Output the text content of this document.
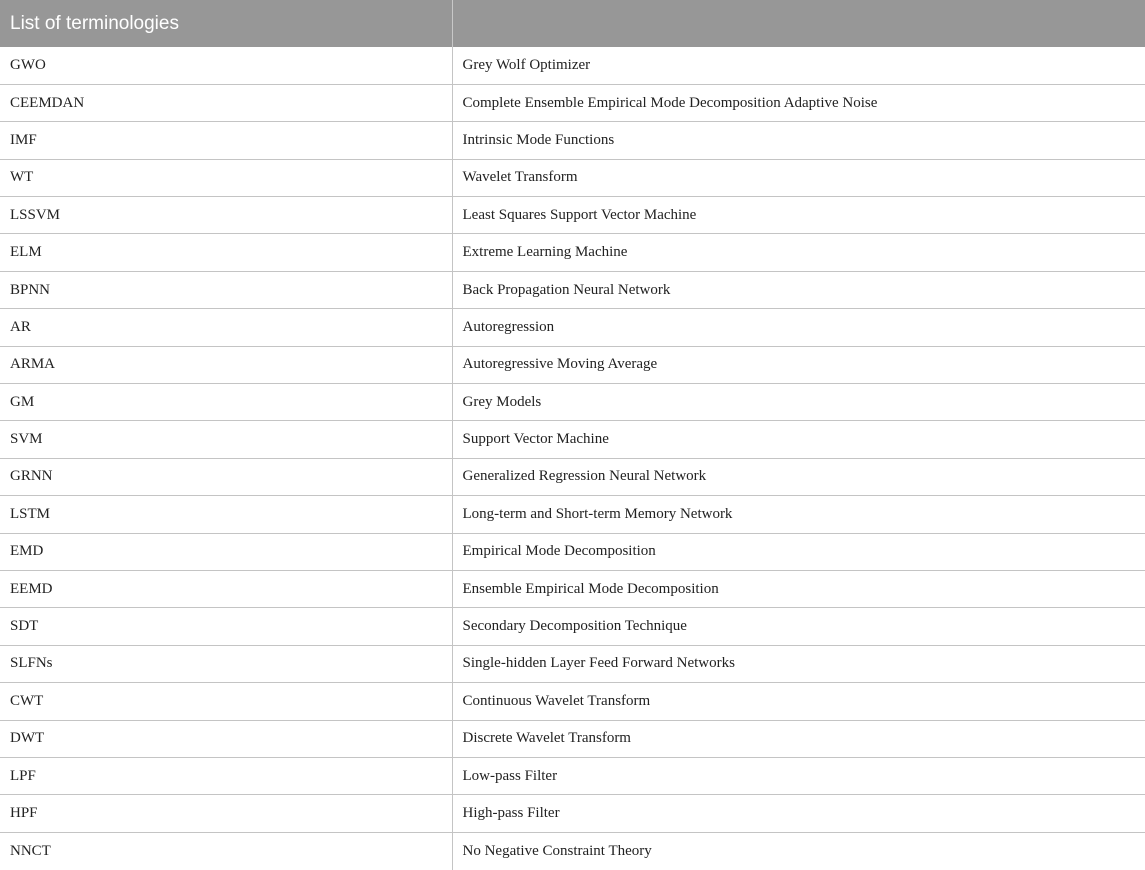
List of terminologies	
GWO	Grey Wolf Optimizer
CEEMDAN	Complete Ensemble Empirical Mode Decomposition Adaptive Noise
IMF	Intrinsic Mode Functions
WT	Wavelet Transform
LSSVM	Least Squares Support Vector Machine
ELM	Extreme Learning Machine
BPNN	Back Propagation Neural Network
AR	Autoregression
ARMA	Autoregressive Moving Average
GM	Grey Models
SVM	Support Vector Machine
GRNN	Generalized Regression Neural Network
LSTM	Long-term and Short-term Memory Network
EMD	Empirical Mode Decomposition
EEMD	Ensemble Empirical Mode Decomposition
SDT	Secondary Decomposition Technique
SLFNs	Single-hidden Layer Feed Forward Networks
CWT	Continuous Wavelet Transform
DWT	Discrete Wavelet Transform
LPF	Low-pass Filter
HPF	High-pass Filter
NNCT	No Negative Constraint Theory
